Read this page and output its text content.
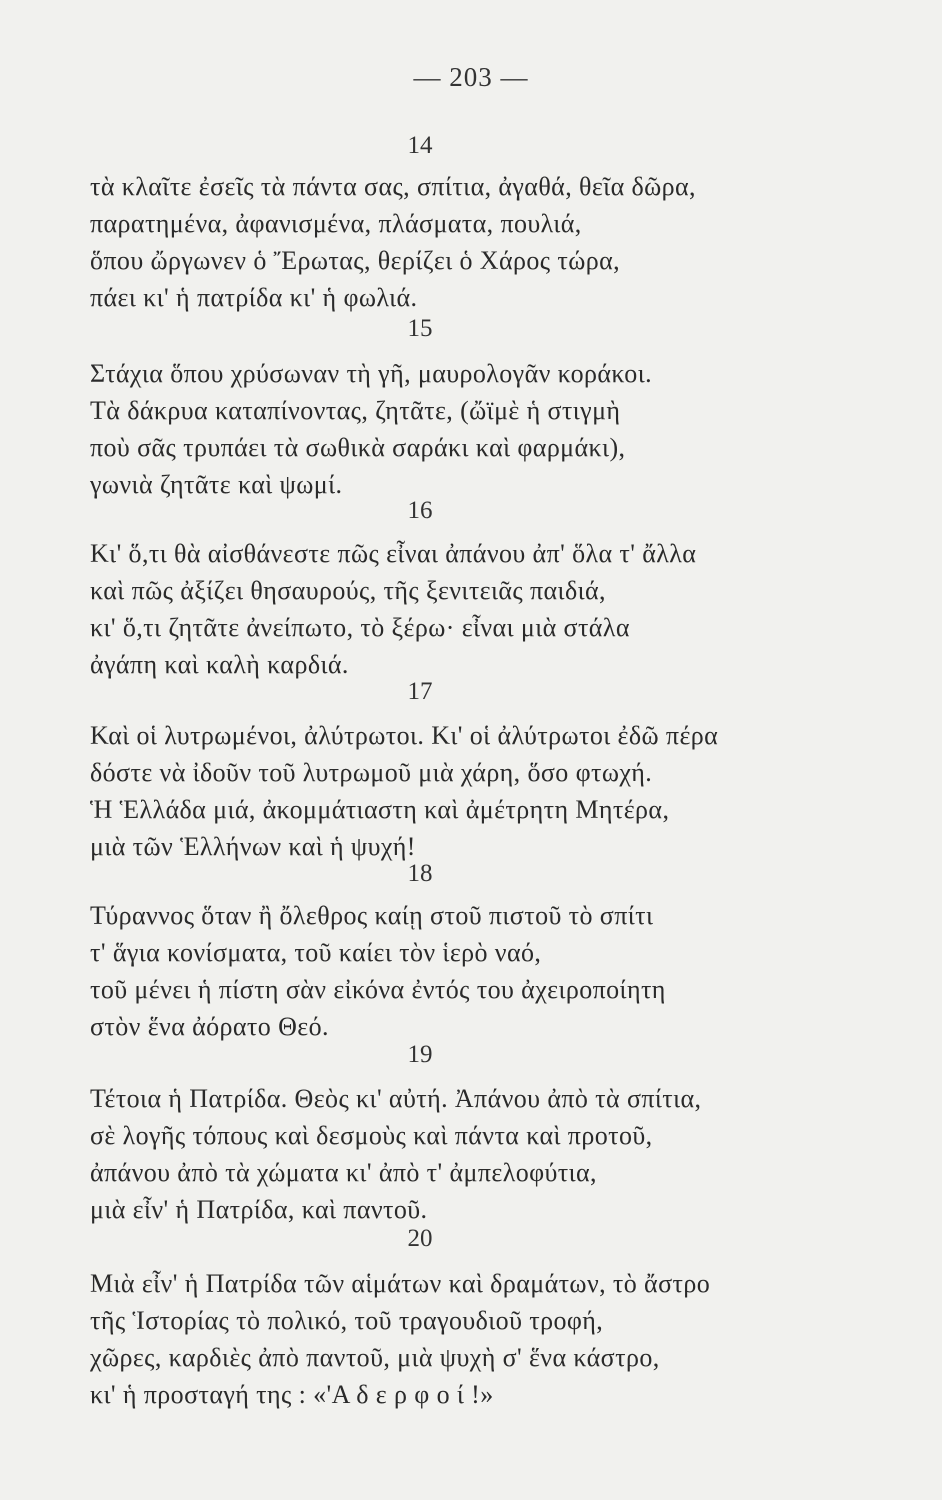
— 203 —
14
τὰ κλαῖτε ἐσεῖς τὰ πάντα σας, σπίτια, ἀγαθά, θεῖα δῶρα,
παρατημένα, ἀφανισμένα, πλάσματα, πουλιά,
ὅπου ὤργωνεν ὁ Ἔρωτας, θερίζει ὁ Χάρος τώρα,
πάει κι' ἡ πατρίδα κι' ἡ φωλιά.
15
Στάχια ὅπου χρύσωναν τὴ γῆ, μαυρολογᾶν κοράκοι.
Τὰ δάκρυα καταπίνοντας, ζητᾶτε, (ὤϊμὲ ἡ στιγμὴ
ποὺ σᾶς τρυπάει τὰ σωθικὰ σαράκι καὶ φαρμάκι),
γωνιὰ ζητᾶτε καὶ ψωμί.
16
Κι' ὅ,τι θὰ αἰσθάνεστε πῶς εἶναι ἀπάνου ἀπ' ὅλα τ' ἄλλα
καὶ πῶς ἀξίζει θησαυρούς, τῆς ξενιτειᾶς παιδιά,
κι' ὅ,τι ζητᾶτε ἀνείπωτο, τὸ ξέρω· εἶναι μιὰ στάλα
ἀγάπη καὶ καλὴ καρδιά.
17
Καὶ οἱ λυτρωμένοι, ἀλύτρωτοι. Κι' οἱ ἀλύτρωτοι ἐδῶ πέρα
δόστε νὰ ἰδοῦν τοῦ λυτρωμοῦ μιὰ χάρη, ὅσο φτωχή.
Ἡ Ἑλλάδα μιά, ἀκομμάτιαστη καὶ ἀμέτρητη Μητέρα,
μιὰ τῶν Ἑλλήνων καὶ ἡ ψυχή!
18
Τύραννος ὅταν ἢ ὄλεθρος καίῃ στοῦ πιστοῦ τὸ σπίτι
τ' ἅγια κονίσματα, τοῦ καίει τὸν ἱερὸ ναό,
τοῦ μένει ἡ πίστη σὰν εἰκόνα ἐντός του ἀχειροποίητη
στὸν ἕνα ἀόρατο Θεό.
19
Τέτοια ἡ Πατρίδα. Θεὸς κι' αὐτή. Ἀπάνου ἀπὸ τὰ σπίτια,
σὲ λογῆς τόπους καὶ δεσμοὺς καὶ πάντα καὶ προτοῦ,
ἀπάνου ἀπὸ τὰ χώματα κι' ἀπὸ τ' ἀμπελοφύτια,
μιὰ εἶν' ἡ Πατρίδα, καὶ παντοῦ.
20
Μιὰ εἶν' ἡ Πατρίδα τῶν αἱμάτων καὶ δραμάτων, τὸ ἄστρο
τῆς Ἱστορίας τὸ πολικό, τοῦ τραγουδιοῦ τροφή,
χῶρες, καρδιὲς ἀπὸ παντοῦ, μιὰ ψυχὴ σ' ἕνα κάστρο,
κι' ἡ προσταγή της : «'Α δ ε ρ φ ο ί !»
